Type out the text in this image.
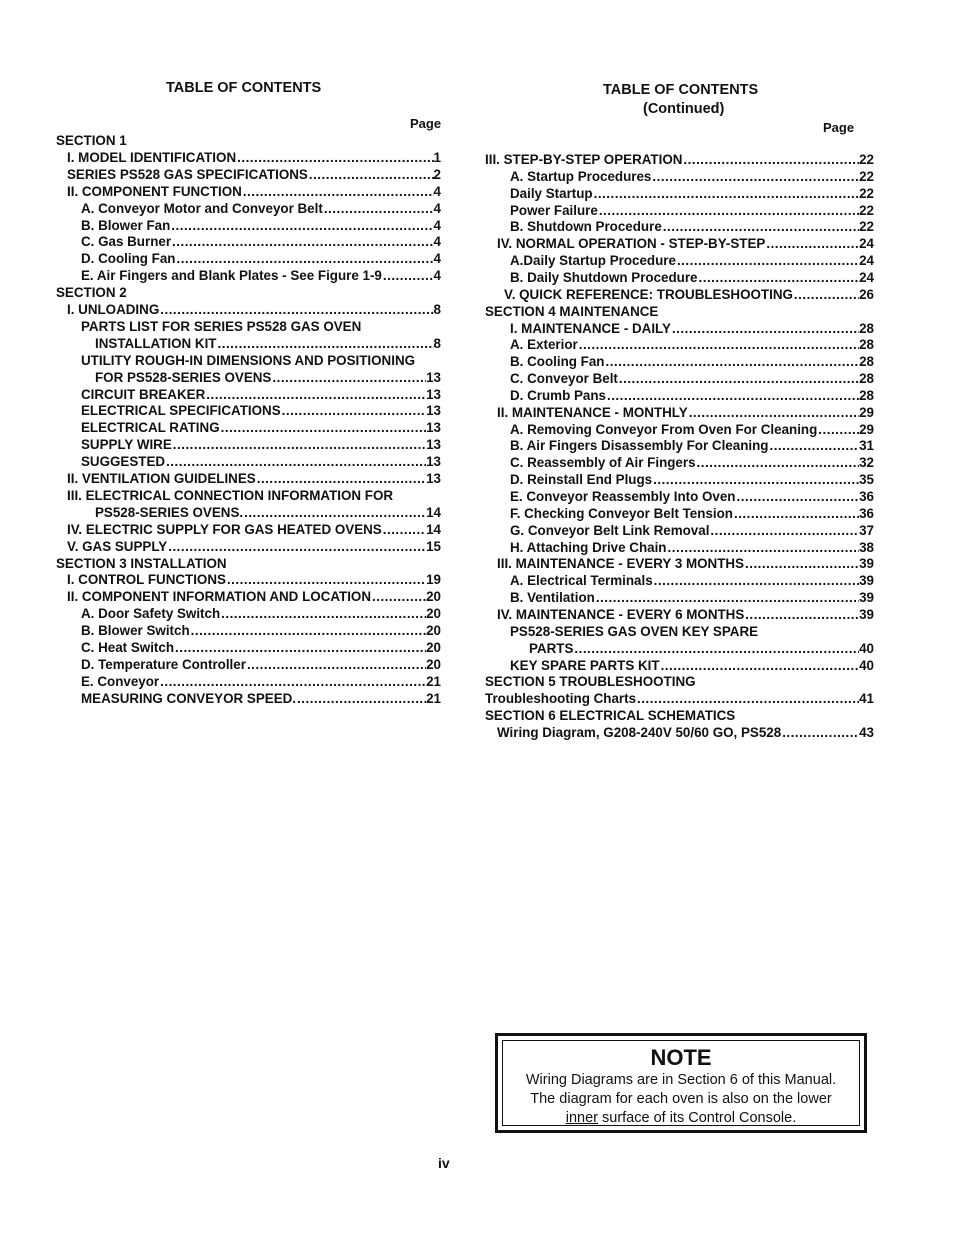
TABLE OF CONTENTS
Page
SECTION 1
I. MODEL IDENTIFICATION .....	1
SERIES PS528 GAS SPECIFICATIONS .....	2
II. COMPONENT FUNCTION .....	4
A. Conveyor Motor and Conveyor Belt .....	4
B. Blower Fan .....	4
C. Gas Burner .....	4
D. Cooling Fan .....	4
E. Air Fingers and Blank Plates - See Figure 1-9 .....	4
SECTION 2
I. UNLOADING .....	8
PARTS LIST FOR SERIES PS528 GAS OVEN
INSTALLATION KIT .....	8
UTILITY ROUGH-IN DIMENSIONS AND POSITIONING
FOR PS528-SERIES OVENS .....	13
CIRCUIT BREAKER .....	13
ELECTRICAL SPECIFICATIONS .....	13
ELECTRICAL RATING .....	13
SUPPLY WIRE .....	13
SUGGESTED .....	13
II. VENTILATION GUIDELINES .....	13
III. ELECTRICAL CONNECTION INFORMATION FOR
PS528-SERIES OVENS. .....	14
IV. ELECTRIC SUPPLY FOR GAS HEATED OVENS .....	14
V. GAS SUPPLY .....	15
SECTION 3 INSTALLATION
I. CONTROL FUNCTIONS .....	19
II. COMPONENT INFORMATION AND LOCATION .....	20
A. Door Safety Switch .....	20
B. Blower Switch .....	20
C. Heat Switch .....	20
D. Temperature Controller .....	20
E. Conveyor .....	21
MEASURING CONVEYOR SPEED. .....	21
TABLE OF CONTENTS
(Continued)
Page
III. STEP-BY-STEP OPERATION .....	22
A. Startup Procedures .....	22
Daily Startup .....	22
Power Failure .....	22
B. Shutdown Procedure .....	22
IV. NORMAL OPERATION - STEP-BY-STEP .....	24
A.Daily Startup Procedure .....	24
B. Daily Shutdown Procedure .....	24
V. QUICK REFERENCE: TROUBLESHOOTING .....	26
SECTION 4 MAINTENANCE
I. MAINTENANCE - DAILY .....	28
A. Exterior .....	28
B. Cooling Fan .....	28
C. Conveyor Belt .....	28
D. Crumb Pans .....	28
II. MAINTENANCE - MONTHLY .....	29
A. Removing Conveyor From Oven For Cleaning .....	29
B. Air Fingers Disassembly For Cleaning .....	31
C. Reassembly of Air Fingers .....	32
D. Reinstall End Plugs .....	35
E. Conveyor Reassembly Into Oven .....	36
F. Checking Conveyor Belt Tension .....	36
G. Conveyor Belt Link Removal .....	37
H. Attaching Drive Chain .....	38
III. MAINTENANCE - EVERY 3 MONTHS .....	39
A. Electrical Terminals .....	39
B. Ventilation .....	39
IV. MAINTENANCE - EVERY 6 MONTHS .....	39
PS528-SERIES GAS OVEN KEY SPARE
PARTS .....	40
KEY SPARE PARTS KIT .....	40
SECTION 5 TROUBLESHOOTING
Troubleshooting Charts .....	41
SECTION 6 ELECTRICAL SCHEMATICS
Wiring Diagram, G208-240V 50/60 GO, PS528 .....	43
NOTE
Wiring Diagrams are in Section 6 of this Manual.
The diagram for each oven is also on the lower
inner surface of its Control Console.
iv
